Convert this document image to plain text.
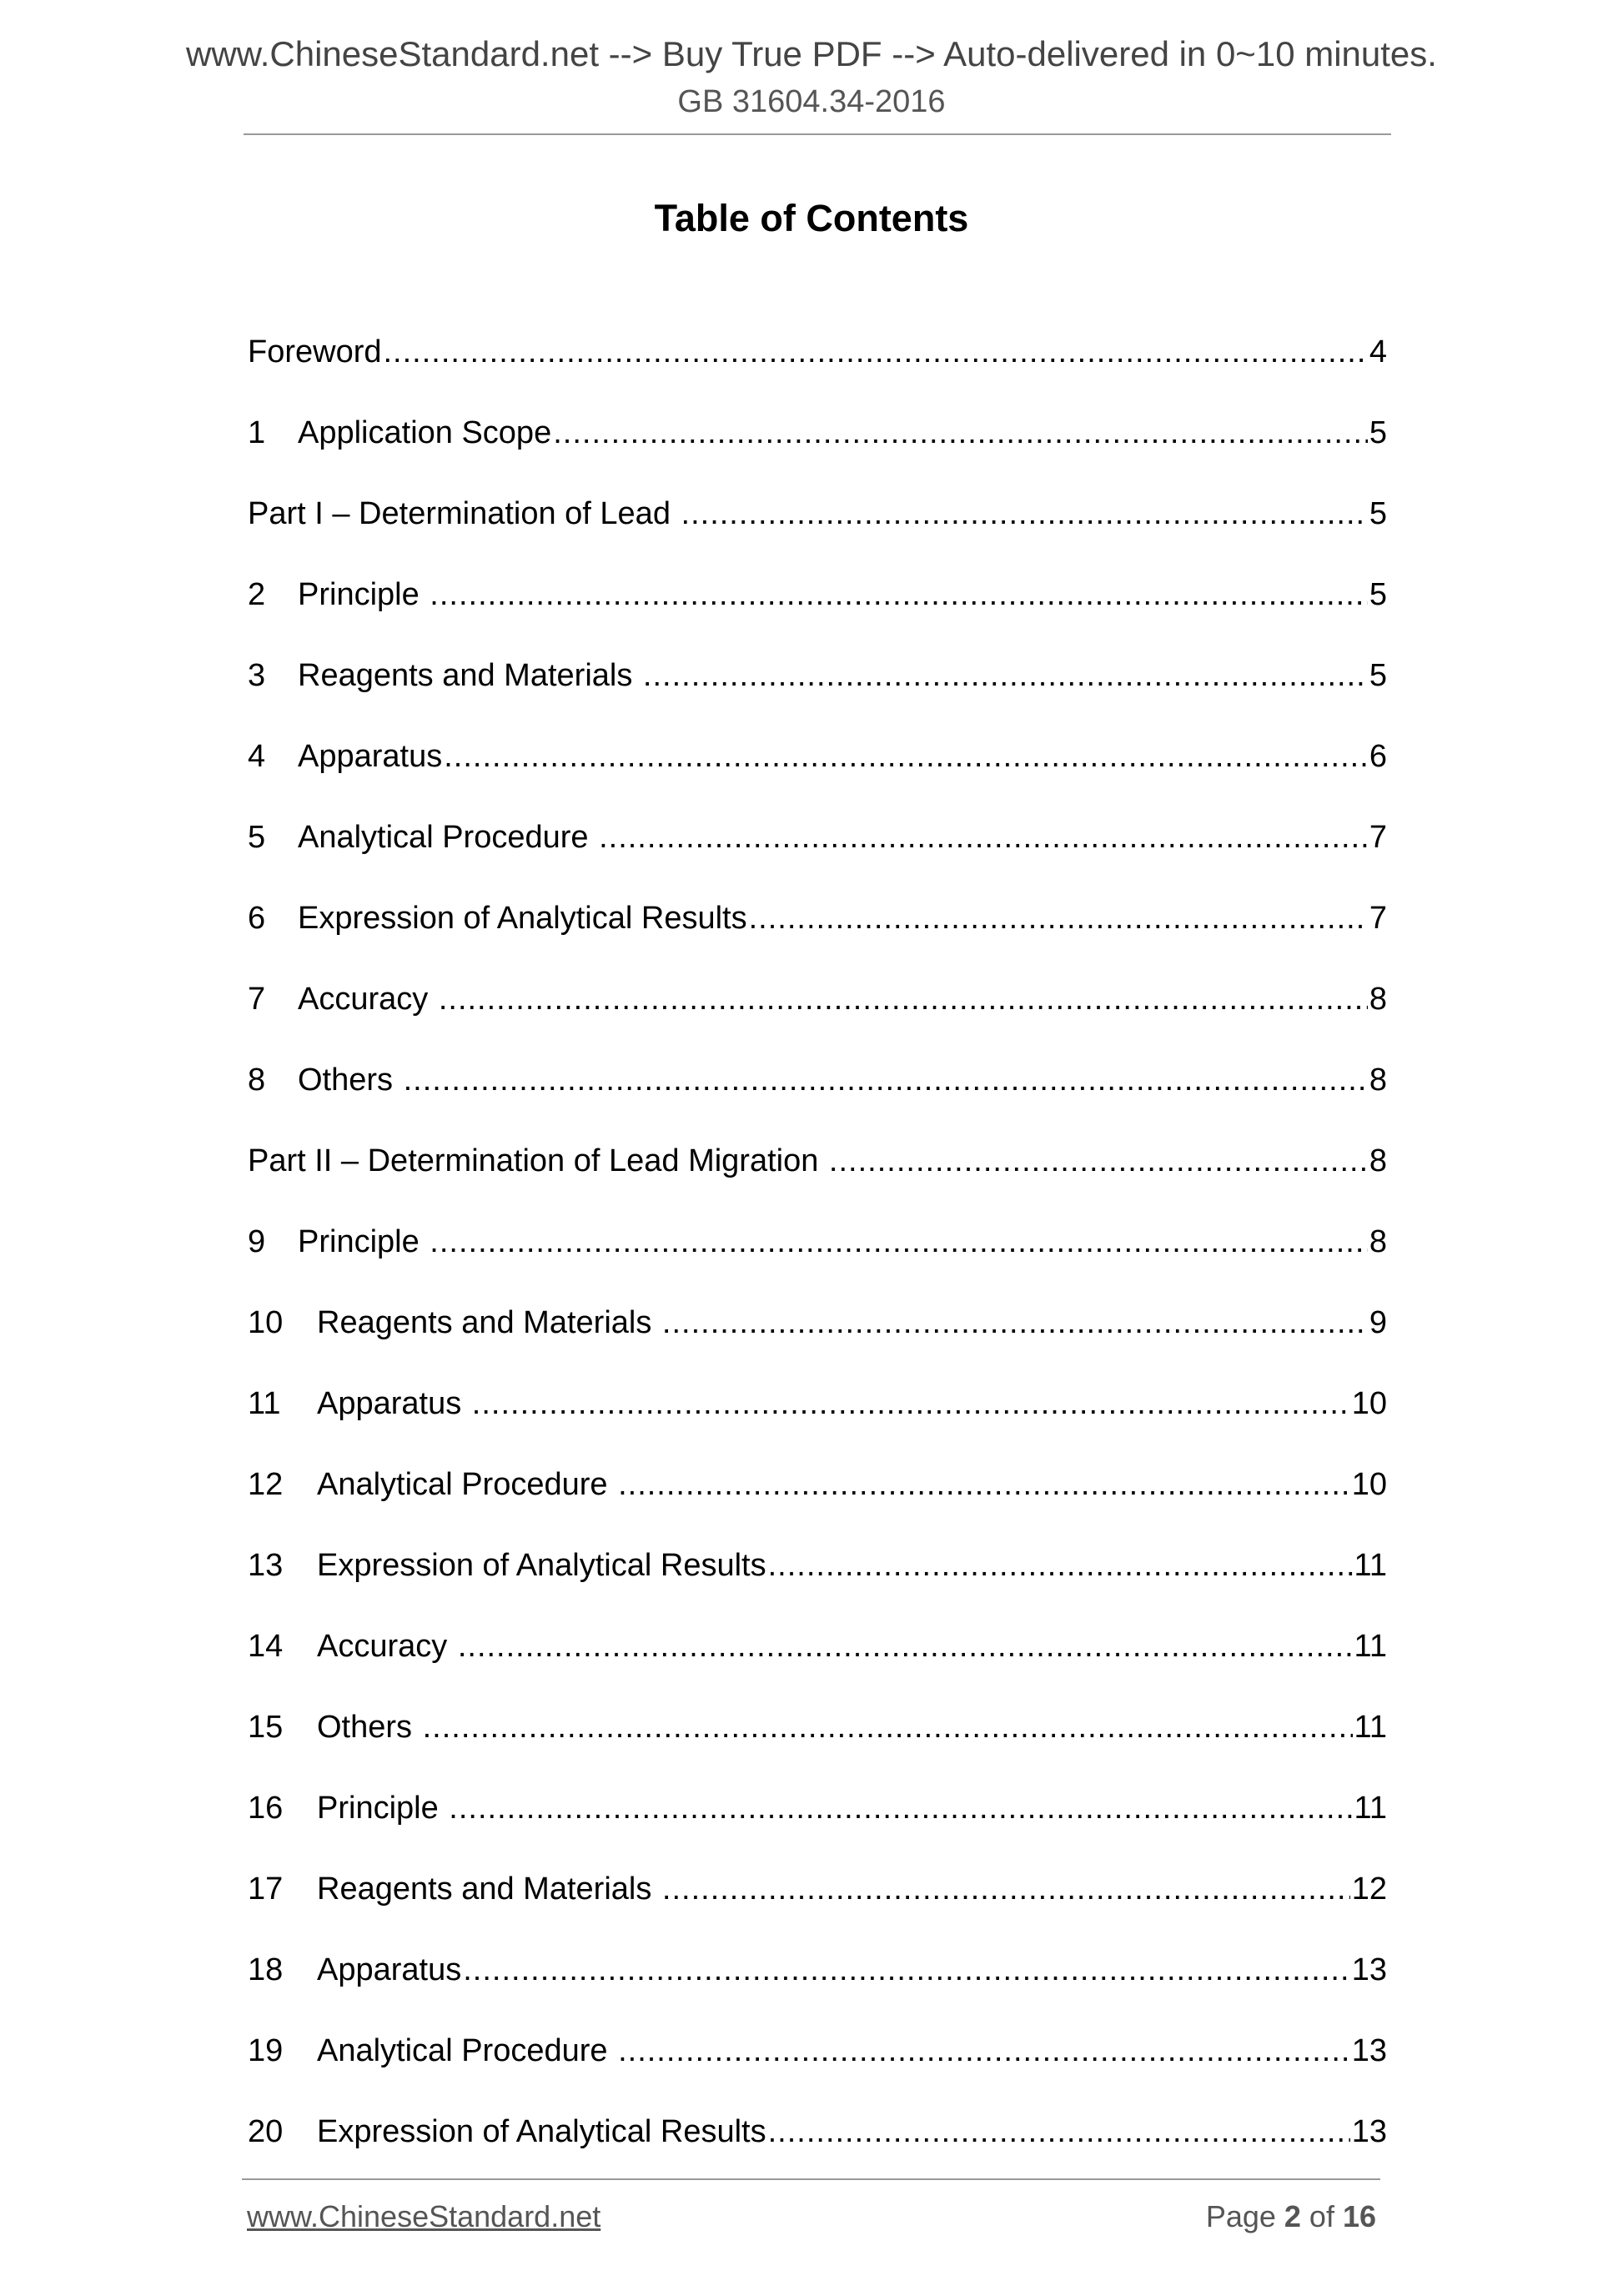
www.ChineseStandard.net --> Buy True PDF --> Auto-delivered in 0~10 minutes.
GB 31604.34-2016
Table of Contents
Foreword .....	4
1	Application Scope .....	5
Part I – Determination of Lead .....	5
2	Principle .....	5
3	Reagents and Materials .....	5
4	Apparatus .....	6
5	Analytical Procedure .....	7
6	Expression of Analytical Results .....	7
7	Accuracy .....	8
8	Others .....	8
Part II – Determination of Lead Migration .....	8
9	Principle .....	8
10	Reagents and Materials .....	9
11	Apparatus .....	10
12	Analytical Procedure .....	10
13	Expression of Analytical Results .....	11
14	Accuracy .....	11
15	Others .....	11
16	Principle .....	11
17	Reagents and Materials .....	12
18	Apparatus .....	13
19	Analytical Procedure .....	13
20	Expression of Analytical Results .....	13
www.ChineseStandard.net	Page 2 of 16
